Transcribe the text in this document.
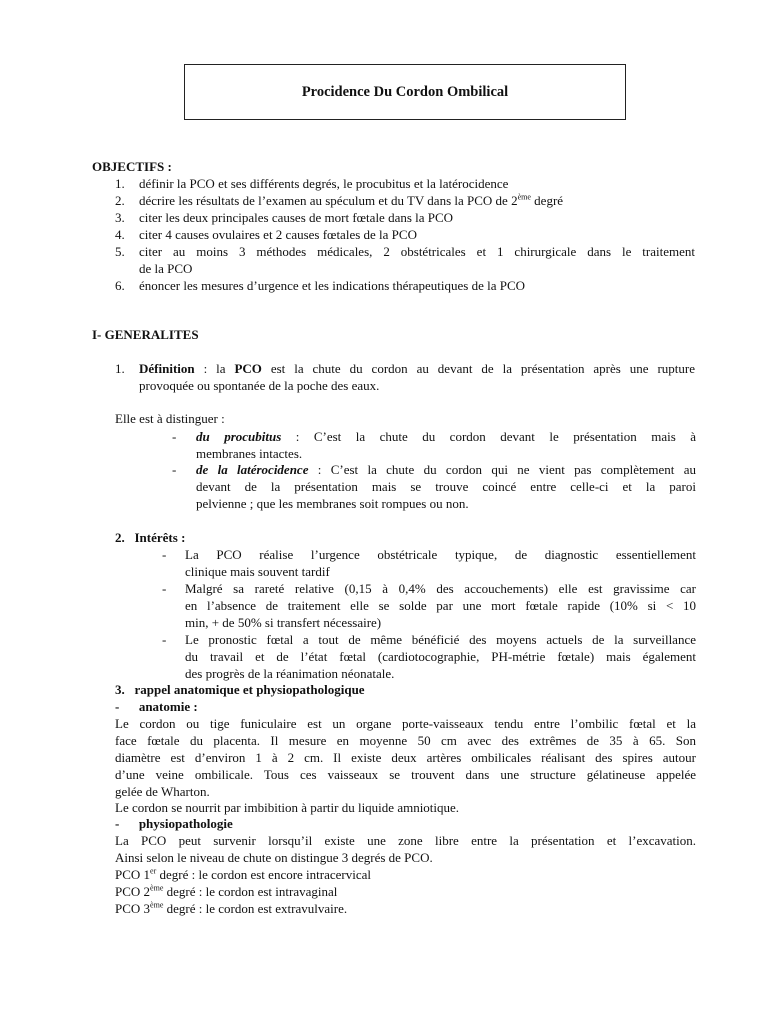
Procidence Du Cordon Ombilical
OBJECTIFS :
1. définir la PCO et ses différents degrés, le procubitus et la latérocidence
2. décrire les résultats de l’examen au spéculum et du TV dans la PCO de 2ème degré
3. citer les deux principales causes de mort fœtale dans la PCO
4. citer 4 causes ovulaires et 2 causes fœtales de la PCO
5. citer au moins 3 méthodes médicales, 2 obstétricales et 1 chirurgicale dans le traitement
de la PCO
6. énoncer les mesures d’urgence et les indications thérapeutiques de la PCO
I- GENERALITES
1. Définition : la PCO est la chute du cordon au devant de la présentation après une rupture
provoquée ou spontanée de la poche des eaux.
Elle est à distinguer :
- du procubitus : C’est la chute du cordon devant le présentation mais à
membranes intactes.
- de la latérocidence : C’est la chute du cordon qui ne vient pas complètement au
devant de la présentation mais se trouve coincé entre celle-ci et la paroi
pelvienne ; que les membranes soit rompues ou non.
2.   Intérêts :
- La PCO réalise l’urgence obstétricale typique, de diagnostic essentiellement
clinique mais souvent tardif
- Malgré sa rareté relative (0,15 à 0,4% des accouchements) elle est gravissime car
en l’absence de traitement elle se solde par une mort fœtale rapide (10% si < 10
min, + de 50% si transfert nécessaire)
- Le pronostic fœtal a tout de même bénéficié des moyens actuels de la surveillance
du travail et de l’état fœtal (cardiotocographie, PH-métrie fœtale) mais également
des progrès de la réanimation néonatale.
3.   rappel anatomique et physiopathologique
-      anatomie :
Le cordon ou tige funiculaire est un organe porte-vaisseaux tendu entre l’ombilic fœtal et la
face fœtale du placenta. Il mesure en moyenne 50 cm avec des extrêmes de 35 à 65. Son
diamètre est d’environ 1 à 2 cm. Il existe deux artères ombilicales réalisant des spires autour
d’une veine ombilicale. Tous ces vaisseaux se trouvent dans une structure gélatineuse appelée
gelée de Wharton.
Le cordon se nourrit par imbibition à partir du liquide amniotique.
-      physiopathologie
La PCO peut survenir lorsqu’il existe une zone libre entre la présentation et l’excavation.
Ainsi selon le niveau de chute on distingue 3 degrés de PCO.
PCO 1er degré : le cordon est encore intracervical
PCO 2ème degré : le cordon est intravaginal
PCO 3ème degré : le cordon est extravulvaire.
